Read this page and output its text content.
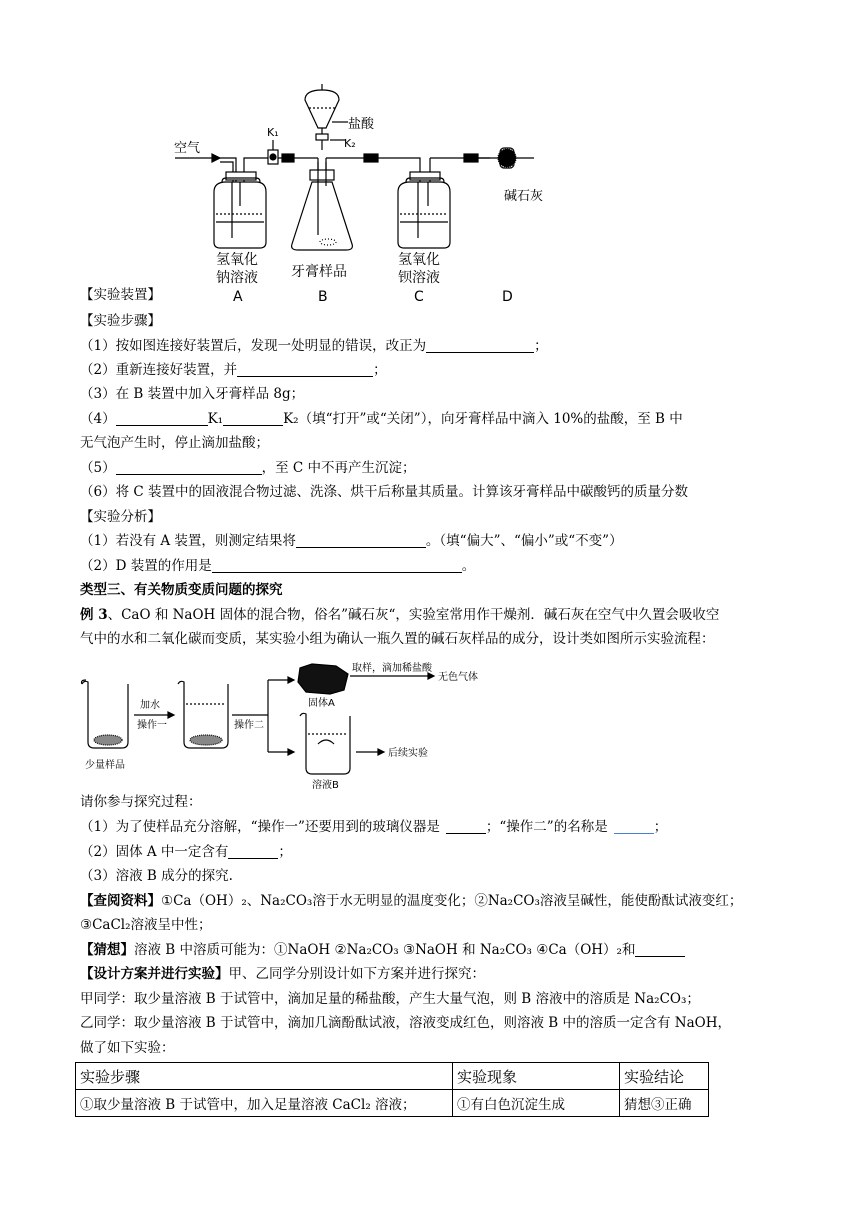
空气
K₁
盐酸
K₂
碱石灰
氢氧化
钠溶液 牙膏样品
氢氧化
钡溶液
A	B	C	D
【实验装置】
【实验步骤】
（1）按如图连接好装置后，发现一处明显的错误，改正为	；
（2）重新连接好装置，并	；
（3）在 B 装置中加入牙膏样品 8g；
（4）	K₁	K₂（填“打开”或“关闭”），向牙膏样品中滴入 10%的盐酸，至 B 中
无气泡产生时，停止滴加盐酸；
（5）	，至 C 中不再产生沉淀；
（6）将 C 装置中的固液混合物过滤、洗涤、烘干后称量其质量。计算该牙膏样品中碳酸钙的质量分数
【实验分析】
（1）若没有 A 装置，则测定结果将	。（填“偏大”、“偏小”或“不变”）
（2）D 装置的作用是	。
类型三、有关物质变质问题的探究
例 3、CaO 和 NaOH 固体的混合物，俗名”碱石灰“，实验室常用作干燥剂．碱石灰在空气中久置会吸收空
气中的水和二氧化碳而变质，某实验小组为确认一瓶久置的碱石灰样品的成分，设计类如图所示实验流程：
加水
操作一	操作二
少量样品
固体A
取样，滴加稀盐酸
无色气体
溶液B
后续实验
请你参与探究过程：
（1）为了使样品充分溶解，“操作一”还要用到的玻璃仪器是	；“操作二”的名称是	；
（2）固体 A 中一定含有	；
（3）溶液 B 成分的探究.
【查阅资料】①Ca（OH）₂、Na₂CO₃溶于水无明显的温度变化；②Na₂CO₃溶液呈碱性，能使酚酞试液变红；
③CaCl₂溶液呈中性；
【猜想】溶液 B 中溶质可能为：①NaOH ②Na₂CO₃ ③NaOH 和 Na₂CO₃ ④Ca（OH）₂和
【设计方案并进行实验】甲、乙同学分别设计如下方案并进行探究：
甲同学：取少量溶液 B 于试管中，滴加足量的稀盐酸，产生大量气泡，则 B 溶液中的溶质是 Na₂CO₃；
乙同学：取少量溶液 B 于试管中，滴加几滴酚酞试液，溶液变成红色，则溶液 B 中的溶质一定含有 NaOH，
做了如下实验：
实验步骤	实验现象	实验结论
①取少量溶液 B 于试管中，加入足量溶液 CaCl₂ 溶液；	①有白色沉淀生成	猜想③正确
